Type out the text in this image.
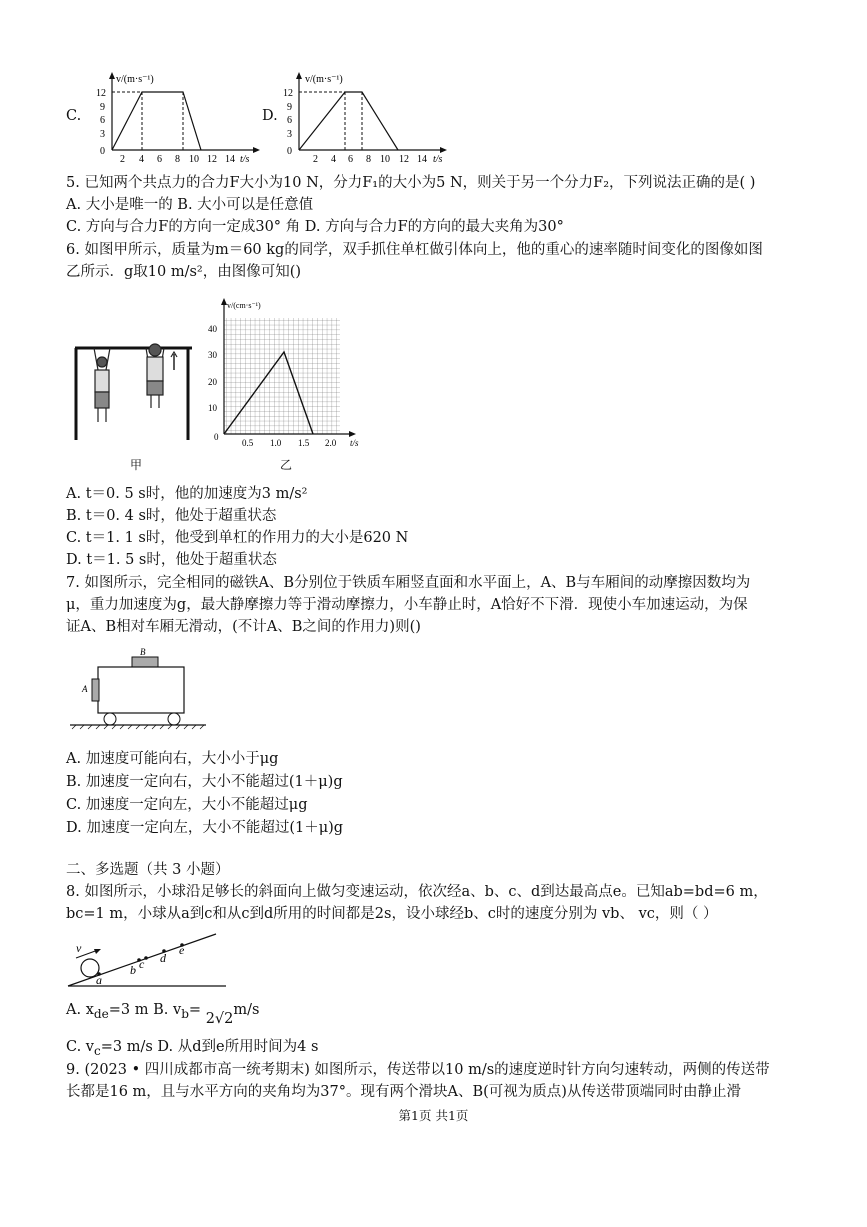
C.
v/(m·s⁻¹)
t/s
12
9
6
3
0
2 4 6 8 10 12 14
D.
v/(m·s⁻¹)
t/s
12
9
6
3
0
2 4 6 8 10 12 14
5. 已知两个共点力的合力F大小为10 N，分力F₁的大小为5 N，则关于另一个分力F₂，下列说法正确的是( )
A. 大小是唯一的 B. 大小可以是任意值
C. 方向与合力F的方向一定成30° 角 D. 方向与合力F的方向的最大夹角为30°
6. 如图甲所示，质量为m＝60 kg的同学，双手抓住单杠做引体向上，他的重心的速率随时间变化的图像如图
乙所示．g取10 m/s²，由图像可知()
甲
v/(cm·s⁻¹)
t/s
40
30
20
10
0
0.5 1.0 1.5 2.0
乙
A. t＝0. 5 s时，他的加速度为3 m/s²
B. t＝0. 4 s时，他处于超重状态
C. t＝1. 1 s时，他受到单杠的作用力的大小是620 N
D. t＝1. 5 s时，他处于超重状态
7. 如图所示，完全相同的磁铁A、B分别位于铁质车厢竖直面和水平面上，A、B与车厢间的动摩擦因数均为
μ，重力加速度为g，最大静摩擦力等于滑动摩擦力，小车静止时，A恰好不下滑．现使小车加速运动，为保
证A、B相对车厢无滑动，(不计A、B之间的作用力)则()
B
A
A. 加速度可能向右，大小小于μg
B. 加速度一定向右，大小不能超过(1＋μ)g
C. 加速度一定向左，大小不能超过μg
D. 加速度一定向左，大小不能超过(1＋μ)g
二、多选题（共 3 小题）
8. 如图所示，小球沿足够长的斜面向上做匀变速运动，依次经a、b、c、d到达最高点e。已知ab=bd=6 m，
bc=1 m，小球从a到c和从c到d所用的时间都是2s，设小球经b、c时的速度分别为 vb、 vc，则（ ）
v
a
b c d
e
A. $x_{de}=3$ m B. $v_b= 2√2m/s$
C. $v_c=3$ m/s D. 从d到e所用时间为4 s
9. (2023 • 四川成都市高一统考期末) 如图所示，传送带以10 m/s的速度逆时针方向匀速转动，两侧的传送带
长都是16 m，且与水平方向的夹角均为37°。现有两个滑块A、B(可视为质点)从传送带顶端同时由静止滑
第1页 共1页
